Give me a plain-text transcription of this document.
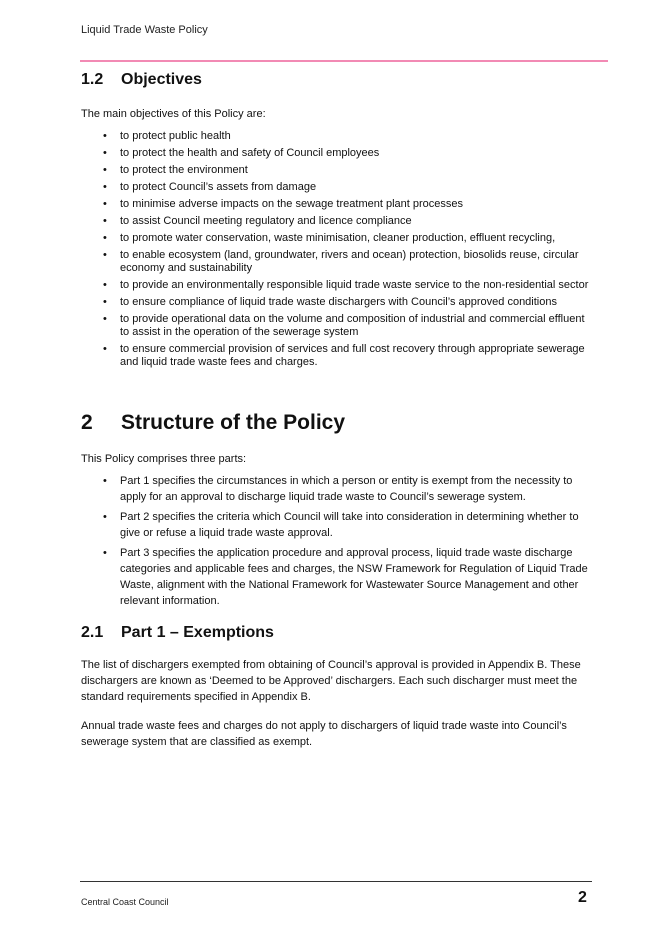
Liquid Trade Waste Policy
1.2 Objectives

The main objectives of this Policy are:

• to protect public health
• to protect the health and safety of Council employees
• to protect the environment
• to protect Council’s assets from damage
• to minimise adverse impacts on the sewage treatment plant processes
• to assist Council meeting regulatory and licence compliance
• to promote water conservation, waste minimisation, cleaner production, effluent recycling,
• to enable ecosystem (land, groundwater, rivers and ocean) protection, biosolids reuse, circular economy and sustainability
• to provide an environmentally responsible liquid trade waste service to the non-residential sector
• to ensure compliance of liquid trade waste dischargers with Council’s approved conditions
• to provide operational data on the volume and composition of industrial and commercial effluent to assist in the operation of the sewerage system
• to ensure commercial provision of services and full cost recovery through appropriate sewerage and liquid trade waste fees and charges.
2 Structure of the Policy

This Policy comprises three parts:

• Part 1 specifies the circumstances in which a person or entity is exempt from the necessity to apply for an approval to discharge liquid trade waste to Council’s sewerage system.
• Part 2 specifies the criteria which Council will take into consideration in determining whether to give or refuse a liquid trade waste approval.
• Part 3 specifies the application procedure and approval process, liquid trade waste discharge categories and applicable fees and charges, the NSW Framework for Regulation of Liquid Trade Waste, alignment with the National Framework for Wastewater Source Management and other relevant information.
2.1 Part 1 – Exemptions

The list of dischargers exempted from obtaining of Council’s approval is provided in Appendix B. These dischargers are known as ‘Deemed to be Approved’ dischargers. Each such discharger must meet the standard requirements specified in Appendix B.

Annual trade waste fees and charges do not apply to dischargers of liquid trade waste into Council’s sewerage system that are classified as exempt.

Central Coast Council	2
